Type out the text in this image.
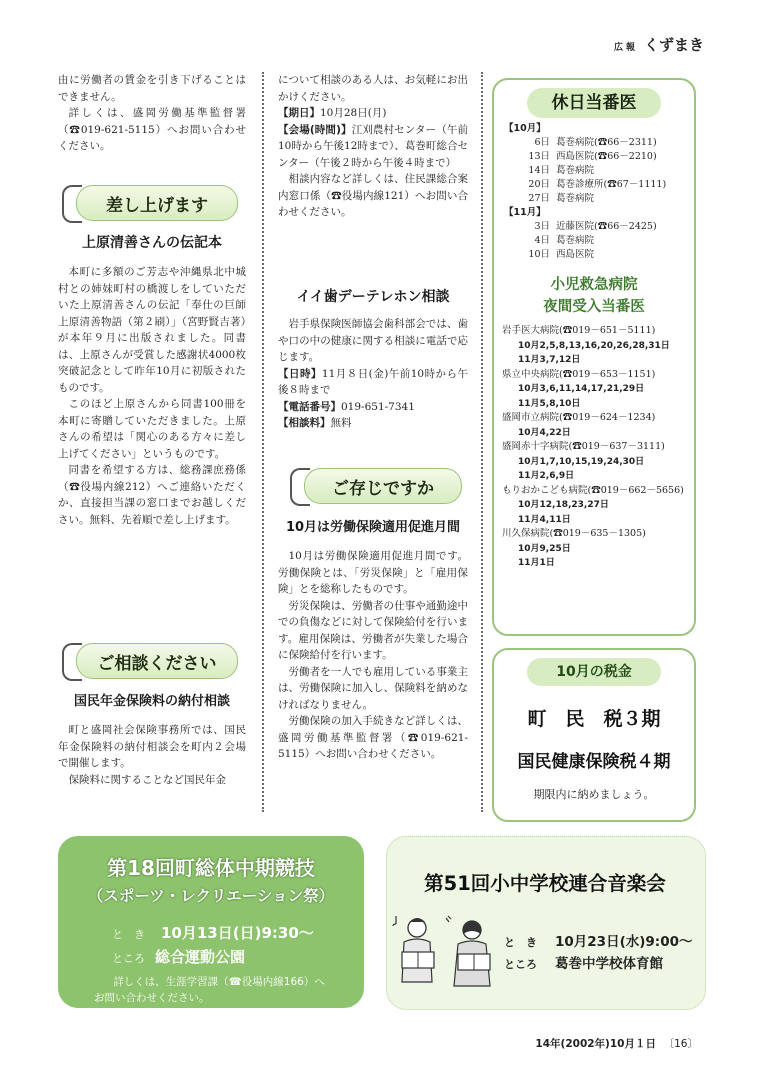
広報 くずまき

由に労働者の賃金を引き下げることはできません。

詳しくは、盛岡労働基準監督署（☎019-621-5115）へお問い合わせください。

差し上げます
上原清善さんの伝記本

本町に多額のご芳志や沖縄県北中城村との姉妹町村の橋渡しをしていただいた上原清善さんの伝記「奉仕の巨師　上原清善物語（第２刷）」（宮野賢吉著）が本年９月に出版されました。同書は、上原さんが受賞した感謝状4000枚突破記念として昨年10月に初版されたものです。

このほど上原さんから同書100冊を本町に寄贈していただきました。上原さんの希望は「関心のある方々に差し上げてください」というものです。

同書を希望する方は、総務課庶務係（☎役場内線212）へご連絡いただくか、直接担当課の窓口までお越しください。無料、先着順で差し上げます。

ご相談ください
国民年金保険料の納付相談

町と盛岡社会保険事務所では、国民年金保険料の納付相談会を町内２会場で開催します。

保険料に関することなど国民年金

について相談のある人は、お気軽にお出かけください。

【期日】10月28日(月)

【会場(時間)】江刈農村センター（午前10時から午後12時まで）、葛巻町総合センター（午後２時から午後４時まで）

相談内容など詳しくは、住民課総合案内窓口係（☎役場内線121）へお問い合わせください。

イイ歯デーテレホン相談

岩手県保険医師協会歯科部会では、歯や口の中の健康に関する相談に電話で応じます。

【日時】11月８日(金)午前10時から午後８時まで

【電話番号】019-651-7341

【相談料】無料

ご存じですか
10月は労働保険適用促進月間

10月は労働保険適用促進月間です。労働保険とは、「労災保険」と「雇用保険」とを総称したものです。

労災保険は、労働者の仕事や通勤途中での負傷などに対して保険給付を行います。雇用保険は、労働者が失業した場合に保険給付を行います。

労働者を一人でも雇用している事業主は、労働保険に加入し、保険料を納めなければなりません。

労働保険の加入手続きなど詳しくは、盛岡労働基準監督署（☎019-621-5115）へお問い合わせください。

休日当番医
【10月】
6日 葛巻病院(☎66－2311)
13日 西島医院(☎66－2210)
14日 葛巻病院
20日 葛巻診療所(☎67－1111)
27日 葛巻病院
【11月】
3日 近藤医院(☎66－2425)
4日 葛巻病院
10日 西島医院
小児救急病院
夜間受入当番医
岩手医大病院(☎019－651－5111)
10月2,5,8,13,16,20,26,28,31日
11月3,7,12日
県立中央病院(☎019－653－1151)
10月3,6,11,14,17,21,29日
11月5,8,10日
盛岡市立病院(☎019－624－1234)
10月4,22日
盛岡赤十字病院(☎019－637－3111)
10月1,7,10,15,19,24,30日
11月2,6,9日
もりおかこども病院(☎019－662－5656)
10月12,18,23,27日
11月4,11日
川久保病院(☎019－635－1305)
10月9,25日
11月1日
10月の税金
町　民　税３期
国民健康保険税４期
期限内に納めましょう。
第18回町総体中期競技
（スポーツ・レクリエーション祭）
と　き 10月13日(日)9:30～
ところ 総合運動公園
詳しくは、生涯学習課（☎役場内線166）へ
お問い合わせください。
第51回小中学校連合音楽会
と　き 10月23日(水)9:00～
ところ 葛巻中学校体育館
14年(2002年)10月１日 〔16〕
